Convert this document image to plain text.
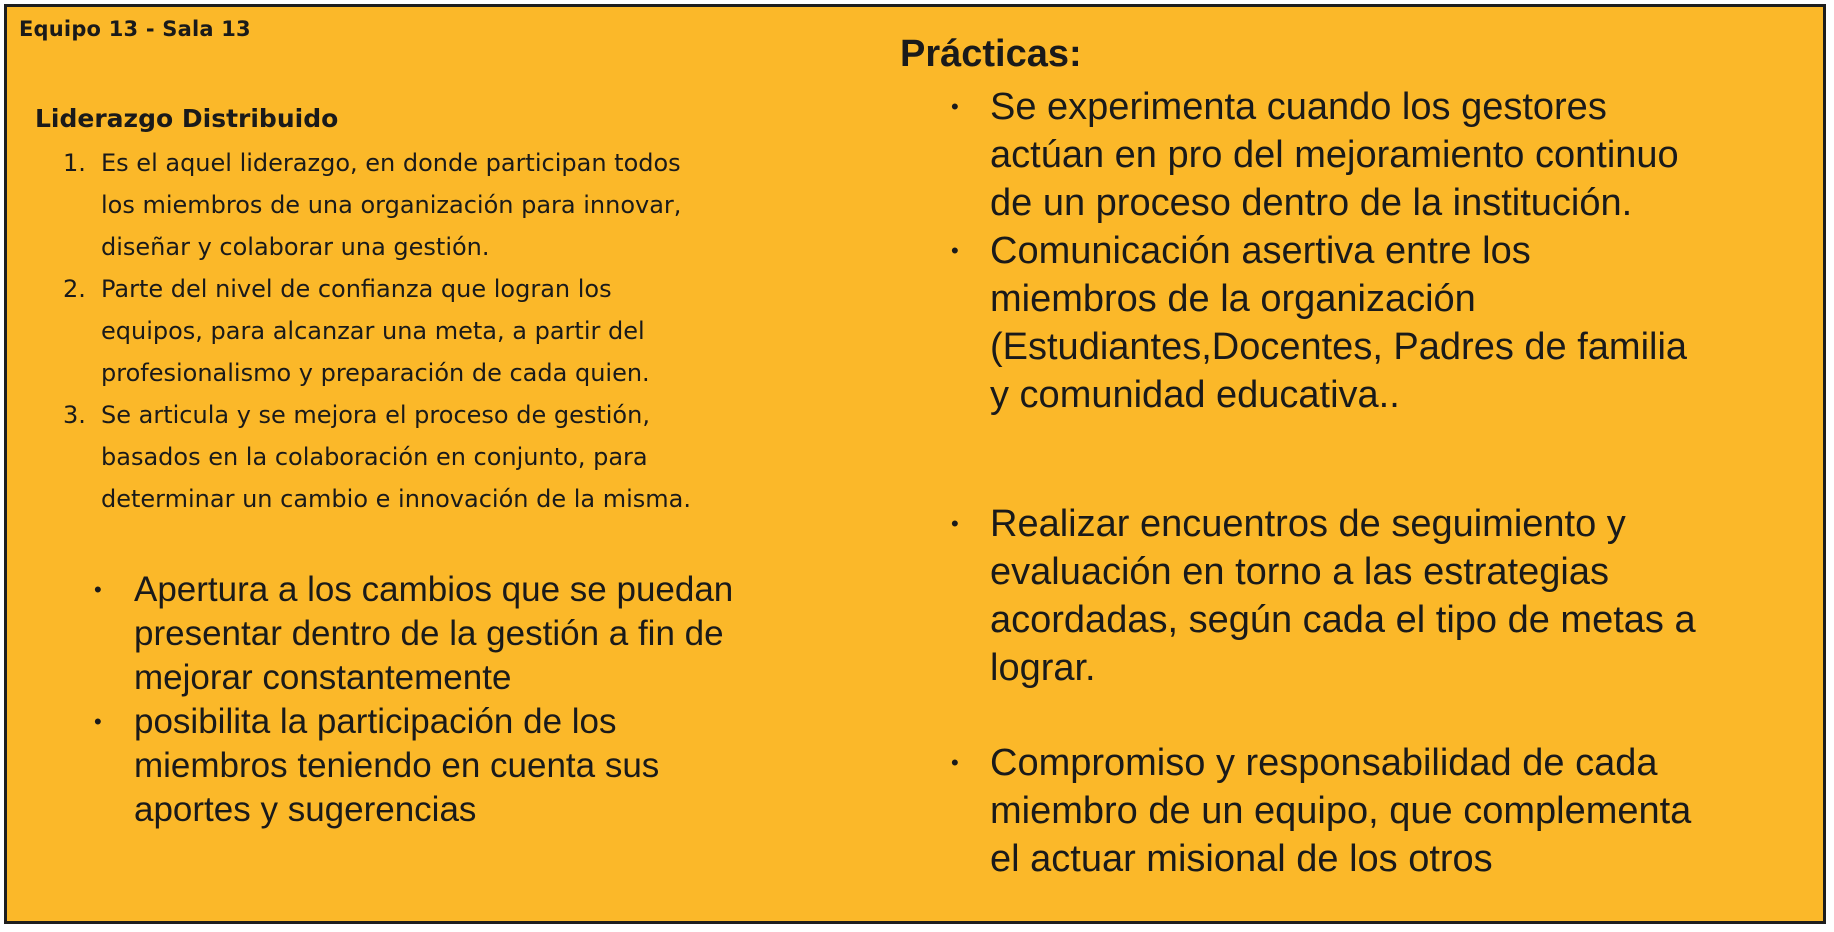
Equipo 13 - Sala 13
Liderazgo Distribuido
1. Es el aquel liderazgo, en donde participan todos
los miembros de una organización para innovar,
diseñar y colaborar una gestión.
2. Parte del nivel de confianza que logran los
equipos, para alcanzar una meta, a partir del
profesionalismo y preparación de cada quien.
3. Se articula y se mejora el proceso de gestión,
basados en la colaboración en conjunto, para
determinar un cambio e innovación de la misma.
• Apertura a los cambios que se puedan
presentar dentro de la gestión a fin de
mejorar constantemente
• posibilita la participación de los
miembros teniendo en cuenta sus
aportes y sugerencias
Prácticas:
• Se experimenta cuando los gestores
actúan en pro del mejoramiento continuo
de un proceso dentro de la institución.
• Comunicación asertiva entre los
miembros de la organización
(Estudiantes,Docentes, Padres de familia
y comunidad educativa..
• Realizar encuentros de seguimiento y
evaluación en torno a las estrategias
acordadas, según cada el tipo de metas a
lograr.
• Compromiso y responsabilidad de cada
miembro de un equipo, que complementa
el actuar misional de los otros
